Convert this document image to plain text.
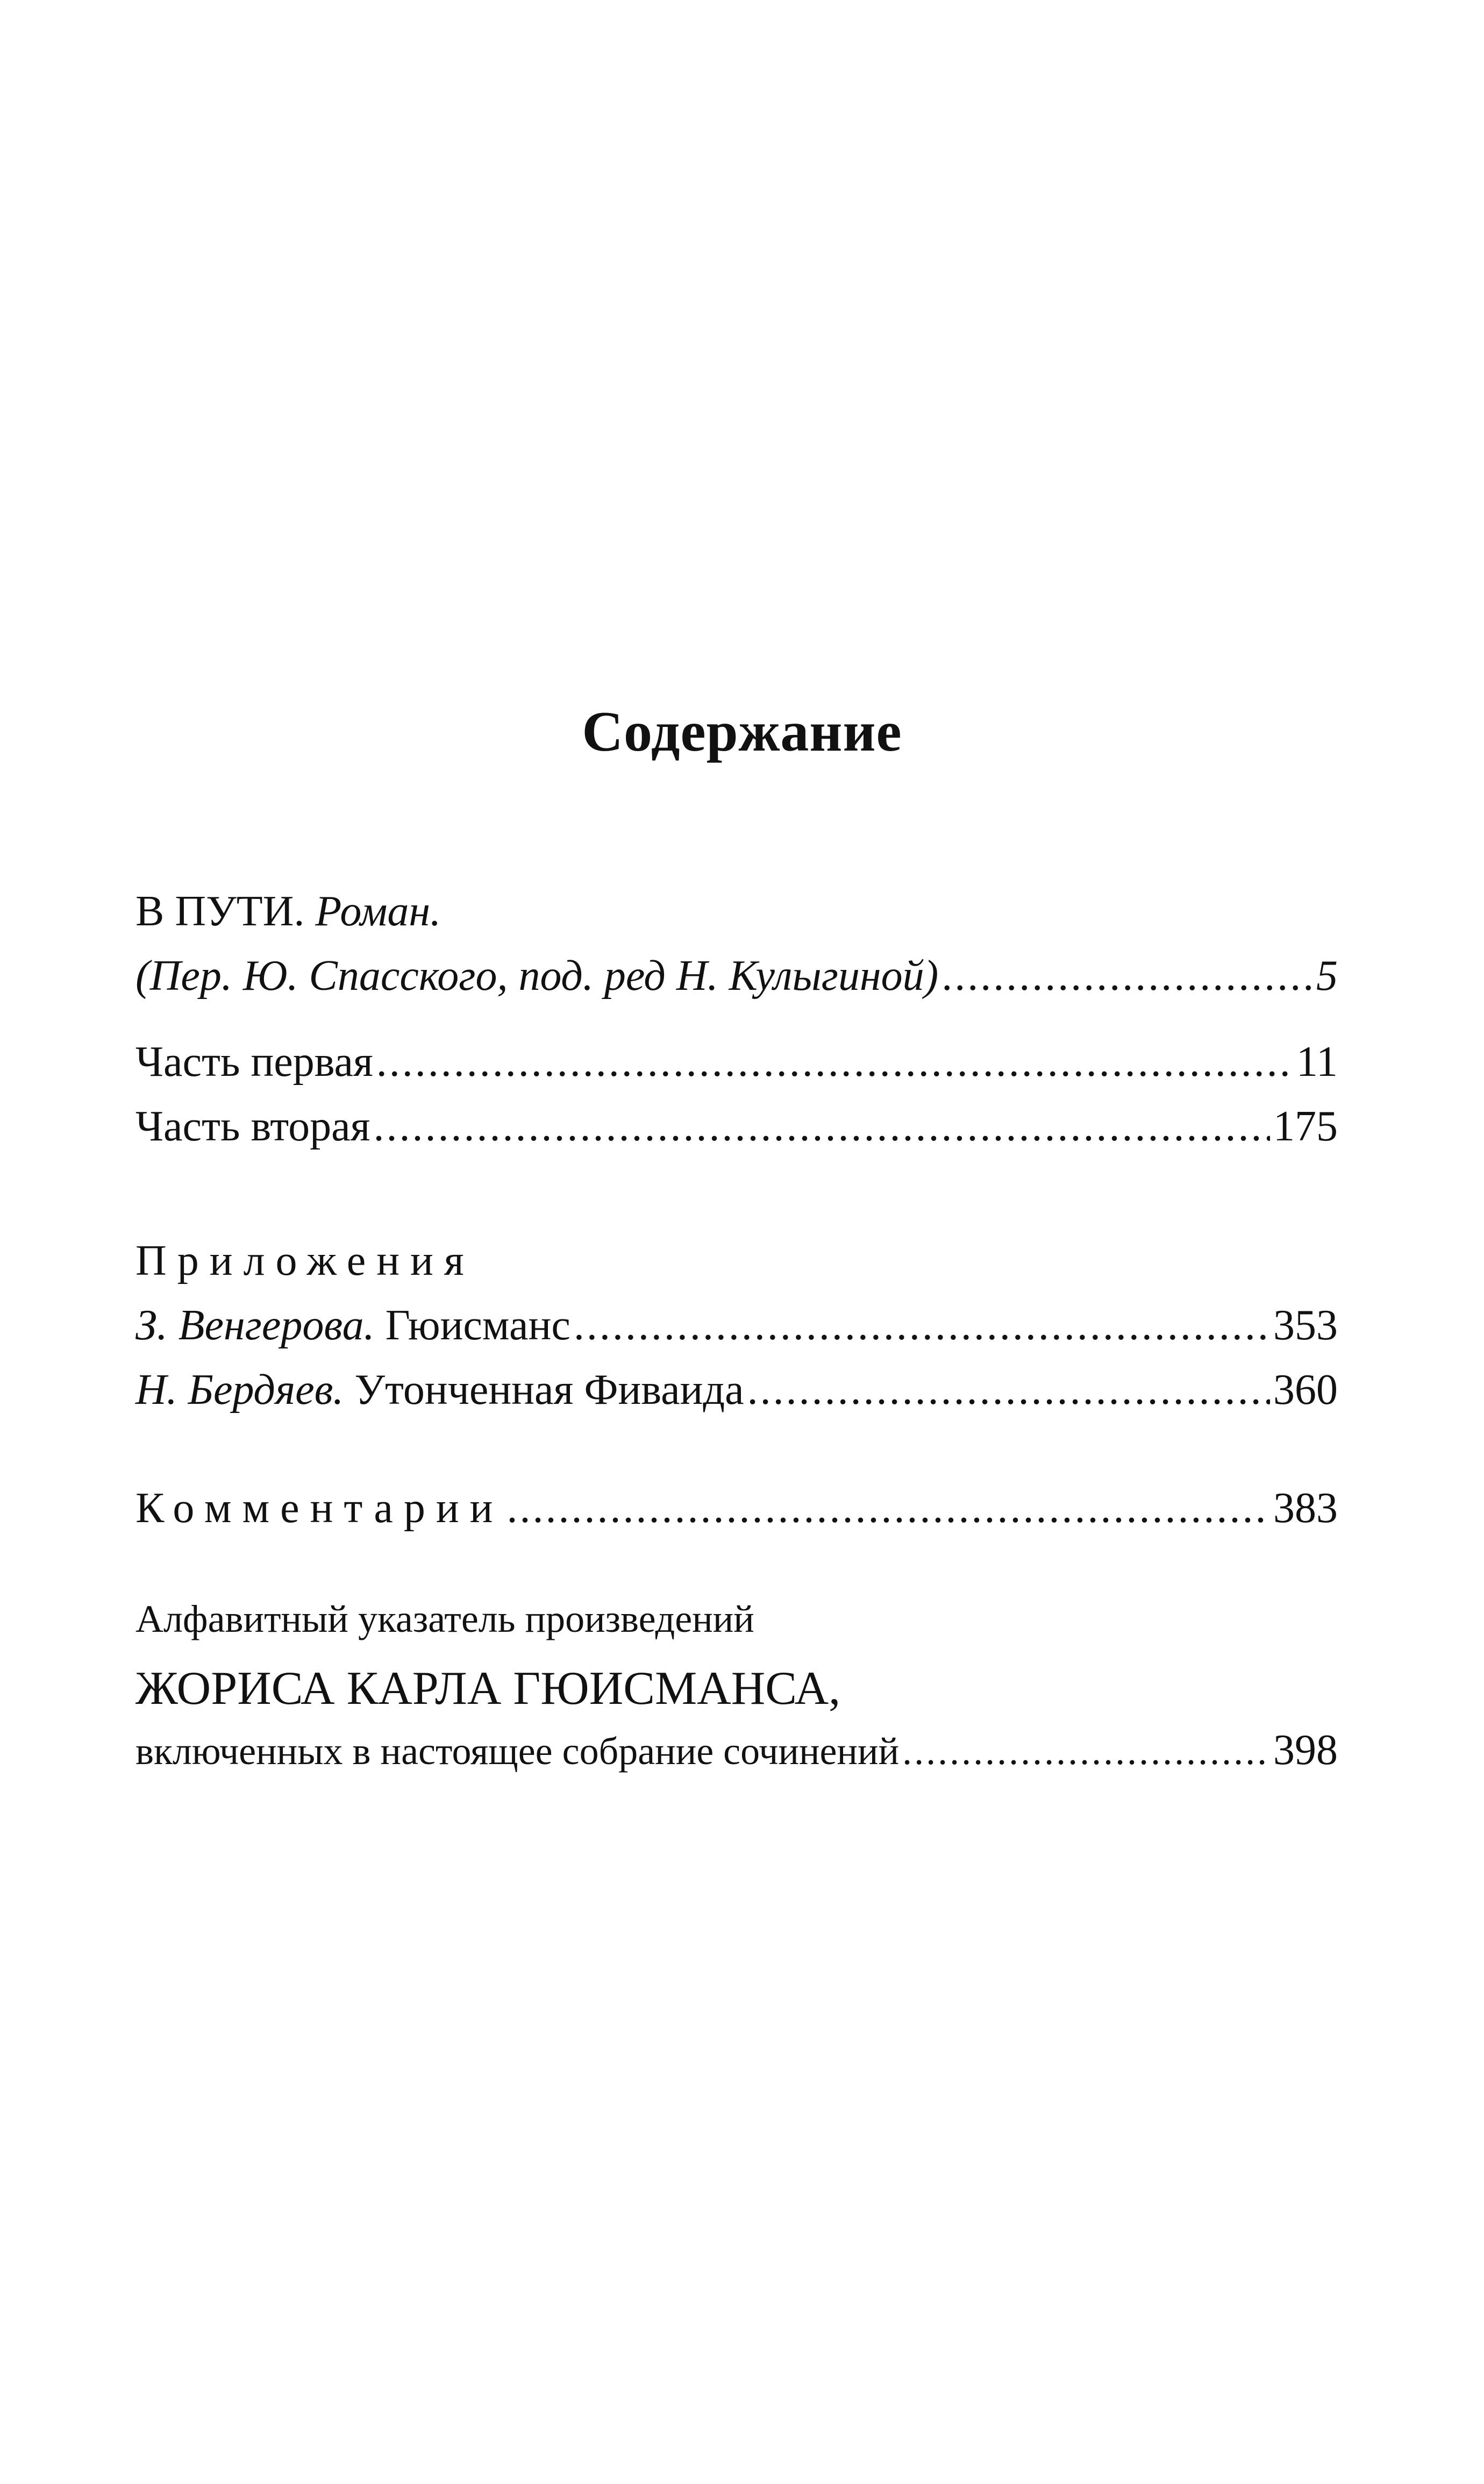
Содержание
В ПУТИ.
Роман.
(Пер. Ю. Спасского, под. ред Н. Кулыгиной) .....	5
Часть первая .....	11
Часть вторая .....	175
Приложения
З. Венгерова.
Гюисманс .....	353
Н. Бердяев.
Утонченная Фиваида .....	360
Комментарии .....	383
Алфавитный указатель произведений
ЖОРИСА КАРЛА ГЮИСМАНСА,
включенных в настоящее собрание сочинений .....	398
